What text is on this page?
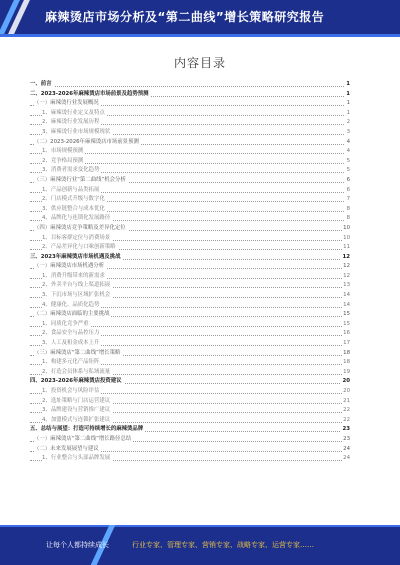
麻辣烫店市场分析及“第二曲线”增长策略研究报告
内容目录
一、前言	1
二、2023-2026年麻辣烫店市场前景及趋势预测	1
（一）麻辣烫行业发展概况	1
1、麻辣烫行业定义及特点	1
2、麻辣烫行业发展历程	2
3、麻辣烫行业市场规模现状	3
（二）2023-2026年麻辣烫店市场前景预测	4
1、市场规模预测	4
2、竞争格局预测	5
3、消费者需求变化趋势	5
（三）麻辣烫行业“第二曲线”机会分析	6
1、产品创新与品类拓展	6
2、门店模式升级与数字化	7
3、供应链整合与成本优化	8
4、品牌化与连锁化发展路径	8
（四）麻辣烫店竞争策略及差异化定位	10
1、目标客群定位与消费场景	10
2、产品差异化与口味创新策略	11
三、2023年麻辣烫店市场机遇及挑战	12
（一）麻辣烫店市场机遇分析	12
1、消费升级带来的新需求	12
2、外卖平台与线上渠道拓展	13
3、下沉市场与区域扩张机会	14
4、健康化、品质化趋势	14
（二）麻辣烫店面临的主要挑战	15
1、同质化竞争严重	15
2、食品安全与品控压力	16
3、人工及租金成本上升	17
（三）麻辣烫店“第二曲线”增长策略	18
1、构建多元化产品矩阵	18
2、打造会员体系与私域流量	19
四、2023-2026年麻辣烫店投资建议	20
1、投资机会与风险评估	20
2、选址策略与门店运营建议	21
3、品牌建设与营销推广建议	22
4、加盟模式与连锁扩张建议	22
五、总结与展望：打造可持续增长的麻辣烫品牌	23
（一）麻辣烫店“第二曲线”增长路径总结	23
（二）未来发展展望与建议	24
1、行业整合与头部品牌发展	24
让每个人都持续成长	行业专家、管理专家、营销专家、战略专家、运营专家……
